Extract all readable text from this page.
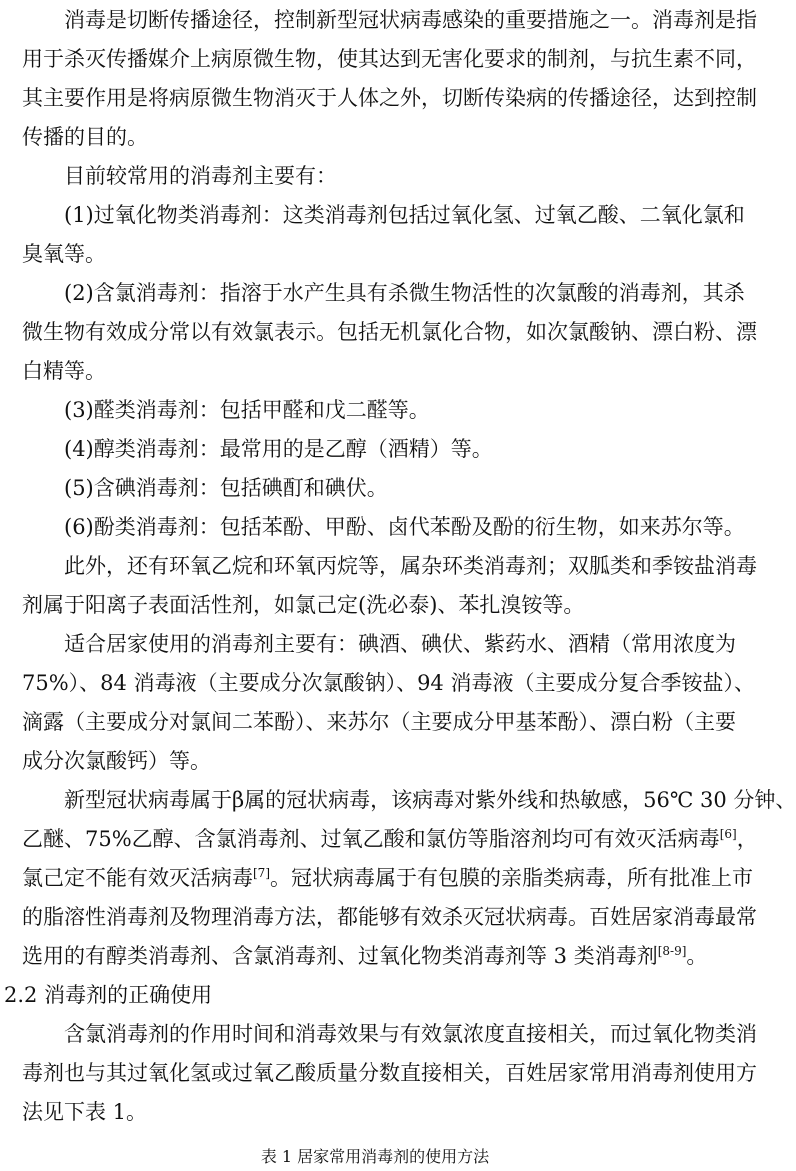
消毒是切断传播途径，控制新型冠状病毒感染的重要措施之一。消毒剂是指
用于杀灭传播媒介上病原微生物，使其达到无害化要求的制剂，与抗生素不同，
其主要作用是将病原微生物消灭于人体之外，切断传染病的传播途径，达到控制
传播的目的。
目前较常用的消毒剂主要有：
(1)过氧化物类消毒剂：这类消毒剂包括过氧化氢、过氧乙酸、二氧化氯和
臭氧等。
(2)含氯消毒剂：指溶于水产生具有杀微生物活性的次氯酸的消毒剂，其杀
微生物有效成分常以有效氯表示。包括无机氯化合物，如次氯酸钠、漂白粉、漂
白精等。
(3)醛类消毒剂：包括甲醛和戊二醛等。
(4)醇类消毒剂：最常用的是乙醇（酒精）等。
(5)含碘消毒剂：包括碘酊和碘伏。
(6)酚类消毒剂：包括苯酚、甲酚、卤代苯酚及酚的衍生物，如来苏尔等。
此外，还有环氧乙烷和环氧丙烷等，属杂环类消毒剂；双胍类和季铵盐消毒
剂属于阳离子表面活性剂，如氯己定(洗必泰)、苯扎溴铵等。
适合居家使用的消毒剂主要有：碘酒、碘伏、紫药水、酒精（常用浓度为
75%）、84 消毒液（主要成分次氯酸钠）、94 消毒液（主要成分复合季铵盐）、
滴露（主要成分对氯间二苯酚）、来苏尔（主要成分甲基苯酚）、漂白粉（主要
成分次氯酸钙）等。
新型冠状病毒属于β属的冠状病毒，该病毒对紫外线和热敏感，56℃ 30 分钟、
乙醚、75%乙醇、含氯消毒剂、过氧乙酸和氯仿等脂溶剂均可有效灭活病毒[6]，
氯己定不能有效灭活病毒[7]。冠状病毒属于有包膜的亲脂类病毒，所有批准上市
的脂溶性消毒剂及物理消毒方法，都能够有效杀灭冠状病毒。百姓居家消毒最常
选用的有醇类消毒剂、含氯消毒剂、过氧化物类消毒剂等 3 类消毒剂[8-9]。
2.2 消毒剂的正确使用
含氯消毒剂的作用时间和消毒效果与有效氯浓度直接相关，而过氧化物类消
毒剂也与其过氧化氢或过氧乙酸质量分数直接相关，百姓居家常用消毒剂使用方
法见下表 1。
表 1 居家常用消毒剂的使用方法
